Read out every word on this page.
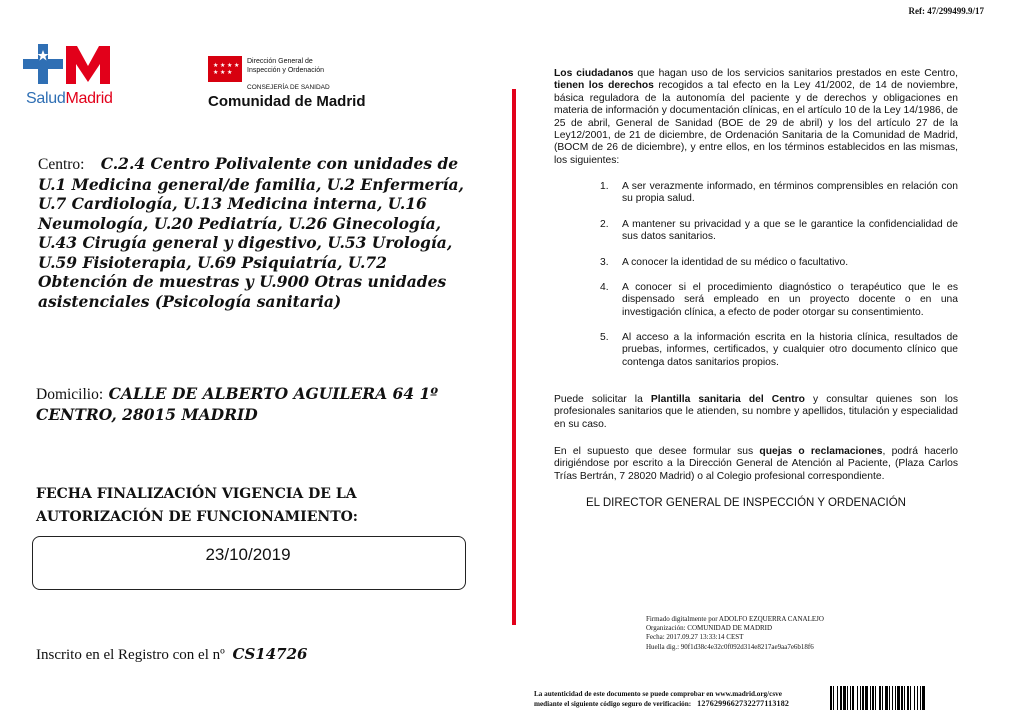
Ref: 47/299499.9/17
SaludMadrid
★ ★ ★ ★
★ ★ ★
Dirección General de
Inspección y Ordenación
CONSEJERÍA DE SANIDAD
Comunidad de Madrid
Centro: C.2.4 Centro Polivalente con unidades de U.1 Medicina general/de familia, U.2 Enfermería, U.7 Cardiología, U.13 Medicina interna, U.16 Neumología, U.20 Pediatría, U.26 Ginecología, U.43 Cirugía general y digestivo, U.53 Urología, U.59 Fisioterapia, U.69 Psiquiatría, U.72 Obtención de muestras y U.900 Otras unidades asistenciales (Psicología sanitaria)
Domicilio: CALLE DE ALBERTO AGUILERA 64 1º CENTRO, 28015 MADRID
FECHA FINALIZACIÓN VIGENCIA DE LA
AUTORIZACIÓN DE FUNCIONAMIENTO:
23/10/2019
Inscrito en el Registro con el nº CS14726
Los ciudadanos que hagan uso de los servicios sanitarios prestados en este Centro, tienen los derechos recogidos a tal efecto en la Ley 41/2002, de 14 de noviembre, básica reguladora de la autonomía del paciente y de derechos y obligaciones en materia de información y documentación clínicas, en el artículo 10 de la Ley 14/1986, de 25 de abril, General de Sanidad (BOE de 29 de abril) y los del artículo 27 de la Ley12/2001, de 21 de diciembre, de Ordenación Sanitaria de la Comunidad de Madrid, (BOCM de 26 de diciembre), y entre ellos, en los términos establecidos en las mismas, los siguientes:
1.	A ser verazmente informado, en términos comprensibles en relación con su propia salud.
2.	A mantener su privacidad y a que se le garantice la confidencialidad de sus datos sanitarios.
3.	A conocer la identidad de su médico o facultativo.
4.	A conocer si el procedimiento diagnóstico o terapéutico que le es dispensado será empleado en un proyecto docente o en una investigación clínica, a efecto de poder otorgar su consentimiento.
5.	Al acceso a la información escrita en la historia clínica, resultados de pruebas, informes, certificados, y cualquier otro documento clínico que contenga datos sanitarios propios.
Puede solicitar la Plantilla sanitaria del Centro y consultar quienes son los profesionales sanitarios que le atienden, su nombre y apellidos, titulación y especialidad en su caso.
En el supuesto que desee formular sus quejas o reclamaciones, podrá hacerlo dirigiéndose por escrito a la Dirección General de Atención al Paciente, (Plaza Carlos Trías Bertrán, 7 28020 Madrid) o al Colegio profesional correspondiente.
EL DIRECTOR GENERAL DE INSPECCIÓN Y ORDENACIÓN
Firmado digitalmente por ADOLFO EZQUERRA CANALEJO
Organización: COMUNIDAD DE MADRID
Fecha: 2017.09.27 13:33:14 CEST
Huella dig.: 90f1d38c4e32c0f092d314e8217ae9aa7e6b18f6
La autenticidad de este documento se puede comprobar en www.madrid.org/csve
mediante el siguiente código seguro de verificación: 1276299662732277113182
